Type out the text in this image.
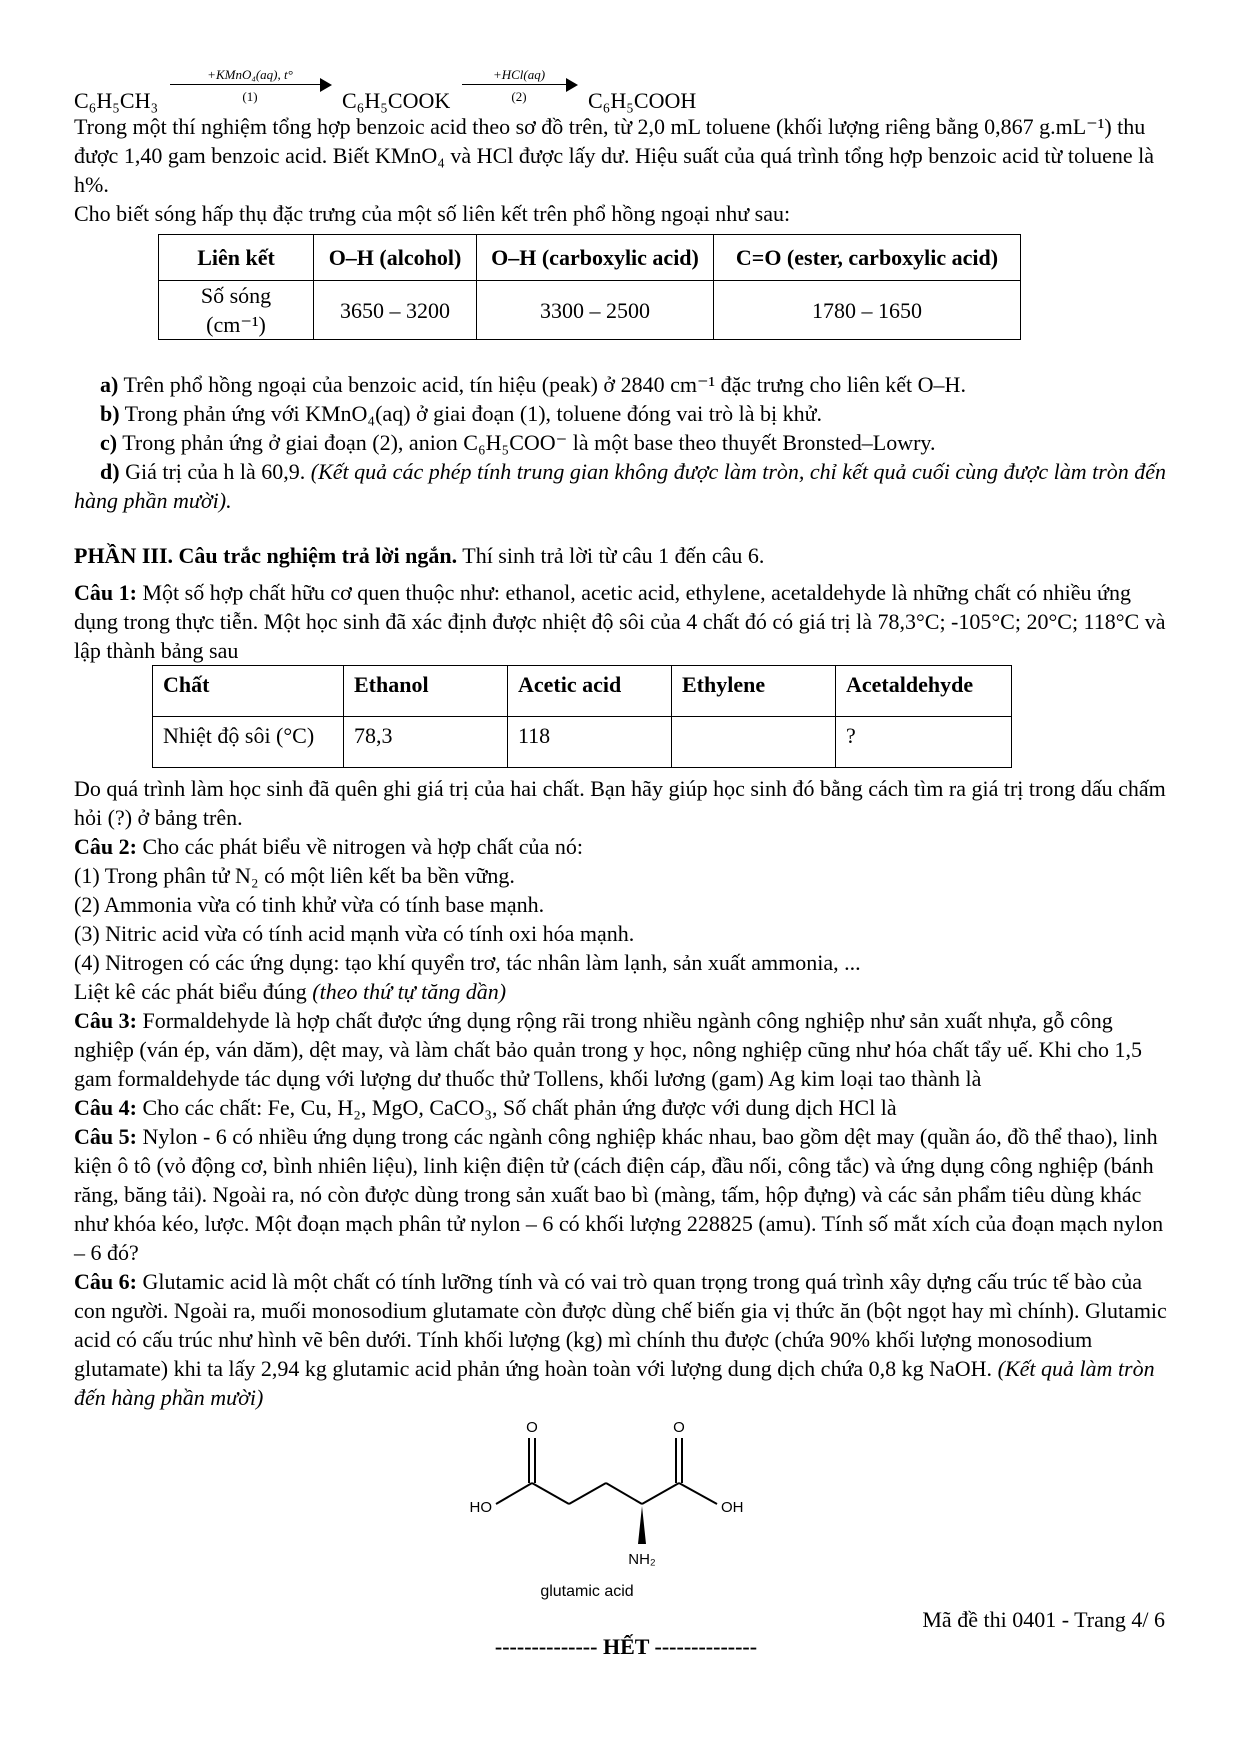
C₆H₅CH₃
+KMnO₄(aq), t°
(1)	C₆H₅COOK
+HCl(aq)
(2)	C₆H₅COOH

Trong một thí nghiệm tổng hợp benzoic acid theo sơ đồ trên, từ 2,0 mL toluene (khối lượng riêng bằng 0,867 g.mL⁻¹) thu được 1,40 gam benzoic acid. Biết KMnO₄ và HCl được lấy dư. Hiệu suất của quá trình tổng hợp benzoic acid từ toluene là h%.

Cho biết sóng hấp thụ đặc trưng của một số liên kết trên phổ hồng ngoại như sau:

Liên kết	O–H (alcohol)	O–H (carboxylic acid)	C=O (ester, carboxylic acid)
Số sóng (cm⁻¹)	3650 – 3200	3300 – 2500	1780 – 1650

a) Trên phổ hồng ngoại của benzoic acid, tín hiệu (peak) ở 2840 cm⁻¹ đặc trưng cho liên kết O–H.

b) Trong phản ứng với KMnO₄(aq) ở giai đoạn (1), toluene đóng vai trò là bị khử.

c) Trong phản ứng ở giai đoạn (2), anion C₆H₅COO⁻ là một base theo thuyết Bronsted–Lowry.

d) Giá trị của h là 60,9. (Kết quả các phép tính trung gian không được làm tròn, chỉ kết quả cuối cùng được làm tròn đến hàng phần mười).

PHẦN III. Câu trắc nghiệm trả lời ngắn. Thí sinh trả lời từ câu 1 đến câu 6.

Câu 1: Một số hợp chất hữu cơ quen thuộc như: ethanol, acetic acid, ethylene, acetaldehyde là những chất có nhiều ứng dụng trong thực tiễn. Một học sinh đã xác định được nhiệt độ sôi của 4 chất đó có giá trị là 78,3°C; -105°C; 20°C; 118°C và lập thành bảng sau

Chất	Ethanol	Acetic acid	Ethylene	Acetaldehyde
Nhiệt độ sôi (°C)	78,3	118		?

Do quá trình làm học sinh đã quên ghi giá trị của hai chất. Bạn hãy giúp học sinh đó bằng cách tìm ra giá trị trong dấu chấm hỏi (?) ở bảng trên.

Câu 2: Cho các phát biểu về nitrogen và hợp chất của nó:

(1) Trong phân tử N₂ có một liên kết ba bền vững.

(2) Ammonia vừa có tinh khử vừa có tính base mạnh.

(3) Nitric acid vừa có tính acid mạnh vừa có tính oxi hóa mạnh.

(4) Nitrogen có các ứng dụng: tạo khí quyển trơ, tác nhân làm lạnh, sản xuất ammonia, ...

Liệt kê các phát biểu đúng (theo thứ tự tăng dần)

Câu 3: Formaldehyde là hợp chất được ứng dụng rộng rãi trong nhiều ngành công nghiệp như sản xuất nhựa, gỗ công nghiệp (ván ép, ván dăm), dệt may, và làm chất bảo quản trong y học, nông nghiệp cũng như hóa chất tẩy uế. Khi cho 1,5 gam formaldehyde tác dụng với lượng dư thuốc thử Tollens, khối lương (gam) Ag kim loại tao thành là

Câu 4: Cho các chất: Fe, Cu, H₂, MgO, CaCO₃, Số chất phản ứng được với dung dịch HCl là

Câu 5: Nylon - 6 có nhiều ứng dụng trong các ngành công nghiệp khác nhau, bao gồm dệt may (quần áo, đồ thể thao), linh kiện ô tô (vỏ động cơ, bình nhiên liệu), linh kiện điện tử (cách điện cáp, đầu nối, công tắc) và ứng dụng công nghiệp (bánh răng, băng tải). Ngoài ra, nó còn được dùng trong sản xuất bao bì (màng, tấm, hộp đựng) và các sản phẩm tiêu dùng khác như khóa kéo, lược. Một đoạn mạch phân tử nylon – 6 có khối lượng 228825 (amu). Tính số mắt xích của đoạn mạch nylon – 6 đó?

Câu 6: Glutamic acid là một chất có tính lưỡng tính và có vai trò quan trọng trong quá trình xây dựng cấu trúc tế bào của con người. Ngoài ra, muối monosodium glutamate còn được dùng chế biến gia vị thức ăn (bột ngọt hay mì chính). Glutamic acid có cấu trúc như hình vẽ bên dưới. Tính khối lượng (kg) mì chính thu được (chứa 90% khối lượng monosodium glutamate) khi ta lấy 2,94 kg glutamic acid phản ứng hoàn toàn với lượng dung dịch chứa 0,8 kg NaOH. (Kết quả làm tròn đến hàng phần mười)

O	O
HO	OH
NH₂
glutamic acid
-------------- HẾT --------------
Mã đề thi 0401 - Trang 4/ 6
